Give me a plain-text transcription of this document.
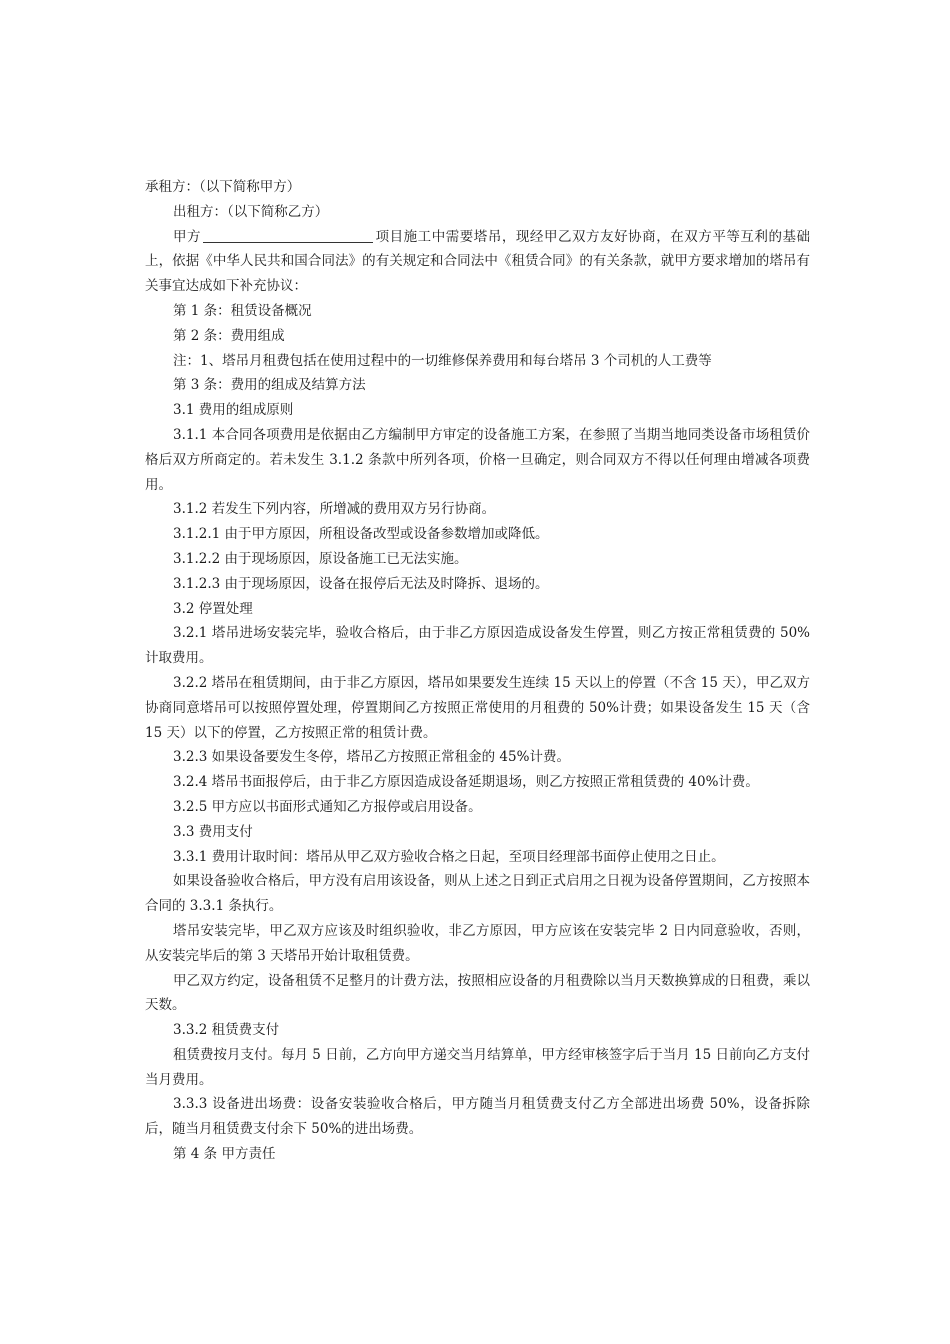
承租方：（以下简称甲方）

出租方：（以下简称乙方）

甲方	项目施工中需要塔吊，现经甲乙双方友好协商，在双方平等互利的基础上，依据《中华人民共和国合同法》的有关规定和合同法中《租赁合同》的有关条款，就甲方要求增加的塔吊有关事宜达成如下补充协议：

第 1 条：租赁设备概况

第 2 条：费用组成

注：1、塔吊月租费包括在使用过程中的一切维修保养费用和每台塔吊 3 个司机的人工费等

第 3 条：费用的组成及结算方法

3.1 费用的组成原则

3.1.1 本合同各项费用是依据由乙方编制甲方审定的设备施工方案，在参照了当期当地同类设备市场租赁价格后双方所商定的。若未发生 3.1.2 条款中所列各项，价格一旦确定，则合同双方不得以任何理由增减各项费用。

3.1.2 若发生下列内容，所增减的费用双方另行协商。

3.1.2.1 由于甲方原因，所租设备改型或设备参数增加或降低。

3.1.2.2 由于现场原因，原设备施工已无法实施。

3.1.2.3 由于现场原因，设备在报停后无法及时降拆、退场的。

3.2 停置处理

3.2.1 塔吊进场安装完毕，验收合格后，由于非乙方原因造成设备发生停置，则乙方按正常租赁费的 50%计取费用。

3.2.2 塔吊在租赁期间，由于非乙方原因，塔吊如果要发生连续 15 天以上的停置（不含 15 天），甲乙双方协商同意塔吊可以按照停置处理，停置期间乙方按照正常使用的月租费的 50%计费；如果设备发生 15 天（含 15 天）以下的停置，乙方按照正常的租赁计费。

3.2.3 如果设备要发生冬停，塔吊乙方按照正常租金的 45%计费。

3.2.4 塔吊书面报停后，由于非乙方原因造成设备延期退场，则乙方按照正常租赁费的 40%计费。

3.2.5 甲方应以书面形式通知乙方报停或启用设备。

3.3 费用支付

3.3.1 费用计取时间：塔吊从甲乙双方验收合格之日起，至项目经理部书面停止使用之日止。

如果设备验收合格后，甲方没有启用该设备，则从上述之日到正式启用之日视为设备停置期间，乙方按照本合同的 3.3.1 条执行。

塔吊安装完毕，甲乙双方应该及时组织验收，非乙方原因，甲方应该在安装完毕 2 日内同意验收，否则，从安装完毕后的第 3 天塔吊开始计取租赁费。

甲乙双方约定，设备租赁不足整月的计费方法，按照相应设备的月租费除以当月天数换算成的日租费，乘以天数。

3.3.2 租赁费支付

租赁费按月支付。每月 5 日前，乙方向甲方递交当月结算单，甲方经审核签字后于当月 15 日前向乙方支付当月费用。

3.3.3 设备进出场费：设备安装验收合格后，甲方随当月租赁费支付乙方全部进出场费 50%，设备拆除后，随当月租赁费支付余下 50%的进出场费。

第 4 条 甲方责任
